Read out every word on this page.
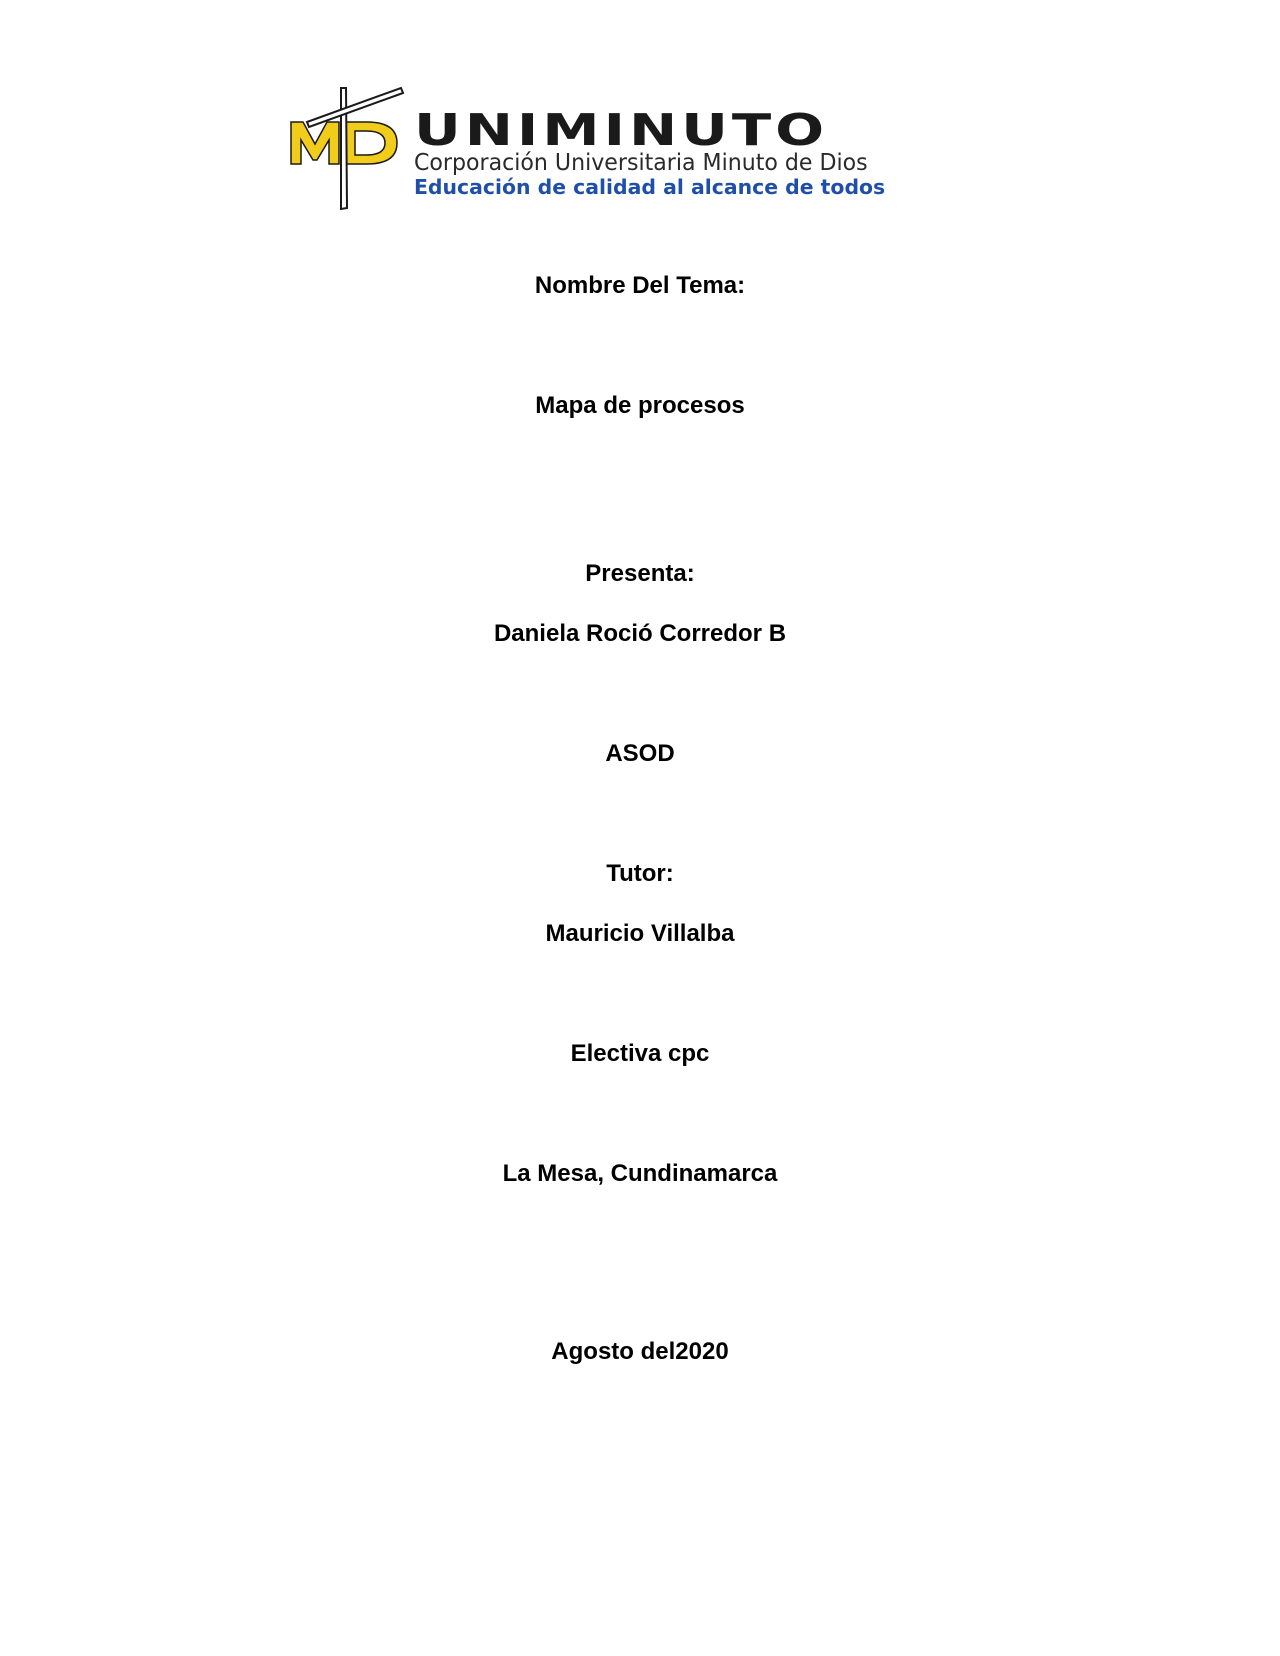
UNIMINUTO
Corporación Universitaria Minuto de Dios
Educación de calidad al alcance de todos
Nombre Del Tema:
Mapa de procesos
Presenta:
Daniela Roció Corredor B
ASOD
Tutor:
Mauricio Villalba
Electiva cpc
La Mesa, Cundinamarca
Agosto del2020
